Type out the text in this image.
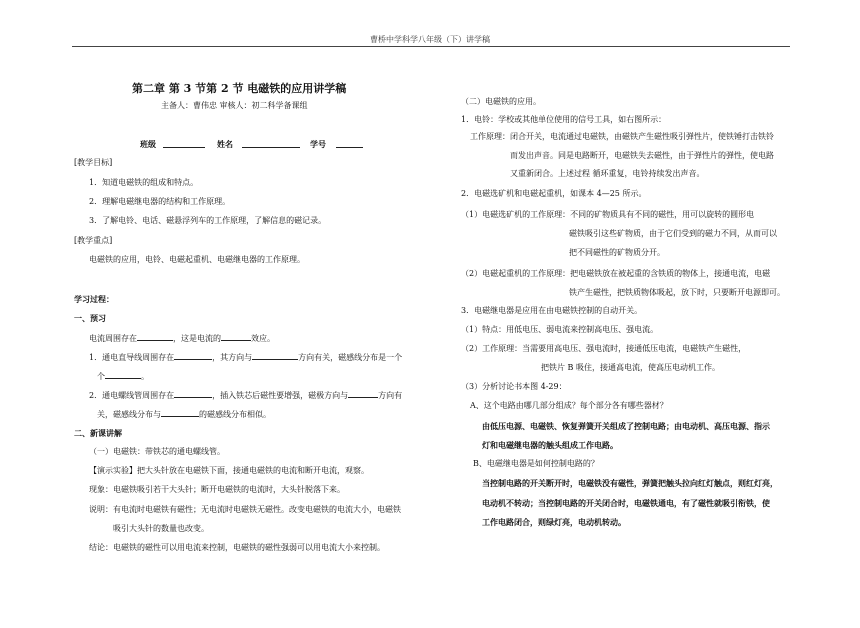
曹桥中学科学八年级（下）讲学稿
第二章 第 3 节第 2 节 电磁铁的应用讲学稿
主备人：曹伟忠 审核人：初二科学备课组
班级	姓名	学号
[教学目标]
1．知道电磁铁的组成和特点。
2．理解电磁继电器的结构和工作原理。
3．了解电铃、电话、磁悬浮列车的工作原理，了解信息的磁记录。
[教学重点]
电磁铁的应用，电铃、电磁起重机、电磁继电器的工作原理。
学习过程：
一、预习
电流周围存在	，这是电流的	效应。
1．通电直导线周围存在	，其方向与	方向有关，磁感线分布是一个
个	。
2．通电螺线管周围存在	，插入铁芯后磁性要增强，磁极方向与	方向有
关，磁感线分布与	的磁感线分布相似。
二、新课讲解
（一）电磁铁：带铁芯的通电螺线管。
【演示实验】把大头针放在电磁铁下面，接通电磁铁的电流和断开电流，观察。
现象：电磁铁吸引若干大头针；断开电磁铁的电流时，大头针脱落下来。
说明：有电流时电磁铁有磁性；无电流时电磁铁无磁性。改变电磁铁的电流大小，电磁铁
吸引大头针的数量也改变。
结论：电磁铁的磁性可以用电流来控制，电磁铁的磁性强弱可以用电流大小来控制。
（二）电磁铁的应用。
1．电铃：学校或其他单位使用的信号工具，如右图所示：
工作原理：闭合开关，电流通过电磁铁，由磁铁产生磁性吸引弹性片，使铁锤打击铁铃
而发出声音。同是电路断开，电磁铁失去磁性，由于弹性片的弹性，使电路
又重新闭合。上述过程 循环重复，电铃持续发出声音。
2．电磁选矿机和电磁起重机，如课本 4—25 所示。
（1）电磁选矿机的工作原理：不同的矿物质具有不同的磁性，用可以旋转的圆形电
磁铁吸引这些矿物质，由于它们受到的磁力不同，从而可以
把不同磁性的矿物质分开。
（2）电磁起重机的工作原理：把电磁铁放在被起重的含铁质的物体上，接通电流，电磁
铁产生磁性，把铁质物体吸起，放下时，只要断开电源即可。
3．电磁继电器是应用在由电磁铁控制的自动开关。
（1）特点：用低电压、弱电流来控制高电压、强电流。
（2）工作原理：当需要用高电压、强电流时，接通低压电流，电磁铁产生磁性，
把铁片 B 吸住，接通高电流，使高压电动机工作。
（3）分析讨论书本图 4-29：
A、这个电路由哪几部分组成？每个部分各有哪些器材？
由低压电源、电磁铁、恢复弹簧开关组成了控制电路；由电动机、高压电源、指示
灯和电磁继电器的触头组成工作电路。
B、电磁继电器是如何控制电路的？
当控制电路的开关断开时，电磁铁没有磁性，弹簧把触头拉向红灯触点，则红灯亮，
电动机不转动；当控制电路的开关闭合时，电磁铁通电，有了磁性就吸引衔铁，使
工作电路闭合，则绿灯亮，电动机转动。
